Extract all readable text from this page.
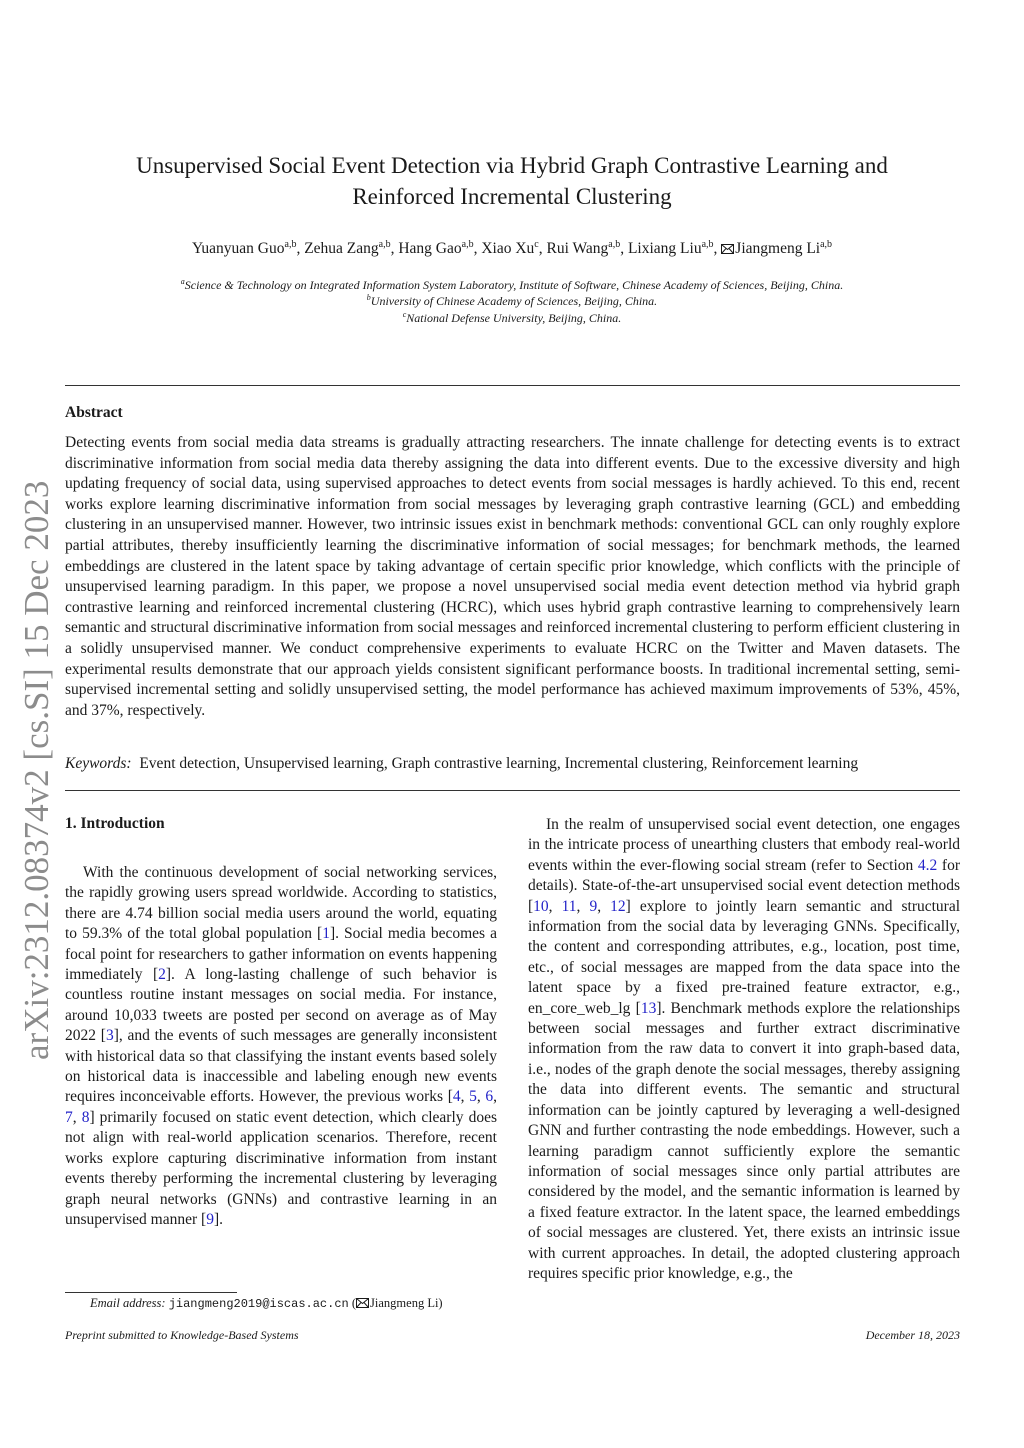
arXiv:2312.08374v2 [cs.SI] 15 Dec 2023
Unsupervised Social Event Detection via Hybrid Graph Contrastive Learning and
Reinforced Incremental Clustering
Yuanyuan Guo$^{a,b}$, Zehua Zang$^{a,b}$, Hang Gao$^{a,b}$, Xiao Xu$^c$, Rui Wang$^{a,b}$, Lixiang Liu$^{a,b}$, Jiangmeng Li$^{a,b}$
$^a$Science & Technology on Integrated Information System Laboratory, Institute of Software, Chinese Academy of Sciences, Beijing, China.
$^b$University of Chinese Academy of Sciences, Beijing, China.
$^c$National Defense University, Beijing, China.
Abstract
Detecting events from social media data streams is gradually attracting researchers. The innate challenge for detecting events is to extract discriminative information from social media data thereby assigning the data into different events. Due to the excessive diversity and high updating frequency of social data, using supervised approaches to detect events from social messages is hardly achieved. To this end, recent works explore learning discriminative information from social messages by leveraging graph contrastive learning (GCL) and embedding clustering in an unsupervised manner. However, two intrinsic issues exist in benchmark methods: conventional GCL can only roughly explore partial attributes, thereby insufficiently learning the discriminative information of social messages; for benchmark methods, the learned embeddings are clustered in the latent space by taking advantage of certain specific prior knowledge, which conflicts with the principle of unsupervised learning paradigm. In this paper, we propose a novel unsupervised social media event detection method via hybrid graph contrastive learning and reinforced incremental clustering (HCRC), which uses hybrid graph contrastive learning to comprehensively learn semantic and structural discriminative information from social messages and reinforced incremental clustering to perform efficient clustering in a solidly unsupervised manner. We conduct comprehensive experiments to evaluate HCRC on the Twitter and Maven datasets. The experimental results demonstrate that our approach yields consistent significant performance boosts. In traditional incremental setting, semi-supervised incremental setting and solidly unsupervised setting, the model performance has achieved maximum improvements of 53%, 45%, and 37%, respectively.
Keywords: Event detection, Unsupervised learning, Graph contrastive learning, Incremental clustering, Reinforcement learning
1. Introduction

With the continuous development of social networking services, the rapidly growing users spread worldwide. According to statistics, there are 4.74 billion social media users around the world, equating to 59.3% of the total global population [1]. Social media becomes a focal point for researchers to gather information on events happening immediately [2]. A long-lasting challenge of such behavior is countless routine instant messages on social media. For instance, around 10,033 tweets are posted per second on average as of May 2022 [3], and the events of such messages are generally inconsistent with historical data so that classifying the instant events based solely on historical data is inaccessible and labeling enough new events requires inconceivable efforts. However, the previous works [4, 5, 6, 7, 8] primarily focused on static event detection, which clearly does not align with real-world application scenarios. Therefore, recent works explore capturing discriminative information from instant events thereby performing the incremental clustering by leveraging graph neural networks (GNNs) and contrastive learning in an unsupervised manner [9].

In the realm of unsupervised social event detection, one engages in the intricate process of unearthing clusters that embody real-world events within the ever-flowing social stream (refer to Section 4.2 for details). State-of-the-art unsupervised social event detection methods [10, 11, 9, 12] explore to jointly learn semantic and structural information from the social data by leveraging GNNs. Specifically, the content and corresponding attributes, e.g., location, post time, etc., of social messages are mapped from the data space into the latent space by a fixed pre-trained feature extractor, e.g., en_core_web_lg [13]. Benchmark methods explore the relationships between social messages and further extract discriminative information from the raw data to convert it into graph-based data, i.e., nodes of the graph denote the social messages, thereby assigning the data into different events. The semantic and structural information can be jointly captured by leveraging a well-designed GNN and further contrasting the node embeddings. However, such a learning paradigm cannot sufficiently explore the semantic information of social messages since only partial attributes are considered by the model, and the semantic information is learned by a fixed feature extractor. In the latent space, the learned embeddings of social messages are clustered. Yet, there exists an intrinsic issue with current approaches. In detail, the adopted clustering approach requires specific prior knowledge, e.g., the

Email address: jiangmeng2019@iscas.ac.cn ( Jiangmeng Li)
Preprint submitted to Knowledge-Based Systems	December 18, 2023
